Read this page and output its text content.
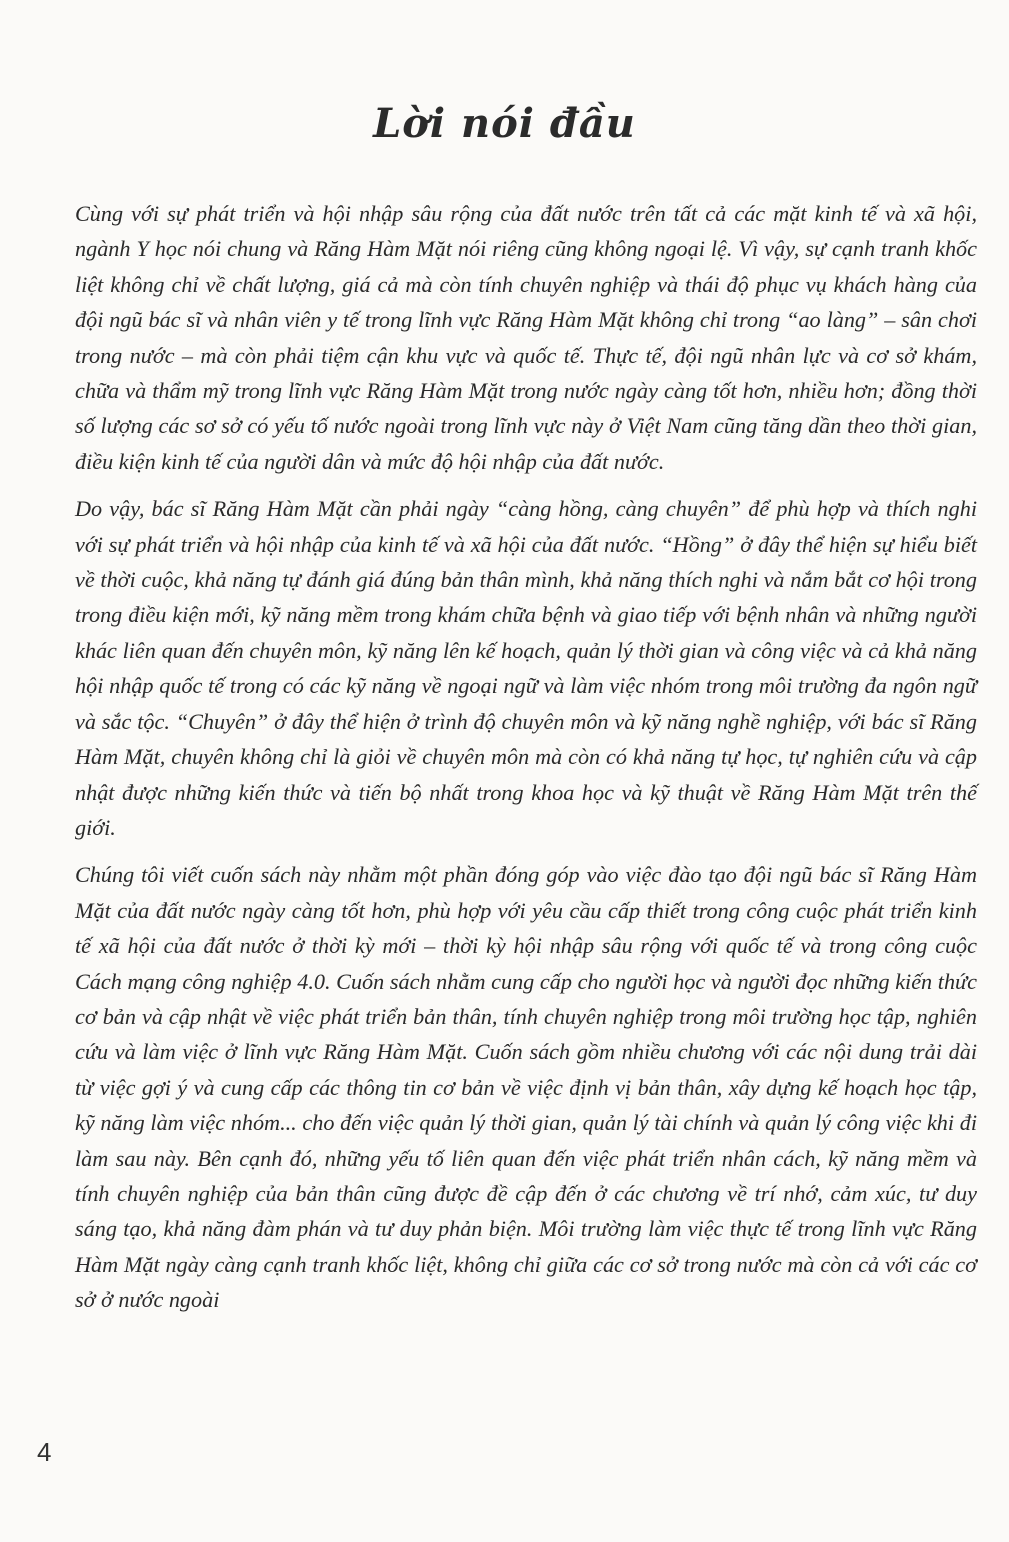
Lời nói đầu

Cùng với sự phát triển và hội nhập sâu rộng của đất nước trên tất cả các mặt kinh tế và xã hội, ngành Y học nói chung và Răng Hàm Mặt nói riêng cũng không ngoại lệ. Vì vậy, sự cạnh tranh khốc liệt không chỉ về chất lượng, giá cả mà còn tính chuyên nghiệp và thái độ phục vụ khách hàng của đội ngũ bác sĩ và nhân viên y tế trong lĩnh vực Răng Hàm Mặt không chỉ trong “ao làng” – sân chơi trong nước – mà còn phải tiệm cận khu vực và quốc tế. Thực tế, đội ngũ nhân lực và cơ sở khám, chữa và thẩm mỹ trong lĩnh vực Răng Hàm Mặt trong nước ngày càng tốt hơn, nhiều hơn; đồng thời số lượng các sơ sở có yếu tố nước ngoài trong lĩnh vực này ở Việt Nam cũng tăng dần theo thời gian, điều kiện kinh tế của người dân và mức độ hội nhập của đất nước.

Do vậy, bác sĩ Răng Hàm Mặt cần phải ngày “càng hồng, càng chuyên” để phù hợp và thích nghi với sự phát triển và hội nhập của kinh tế và xã hội của đất nước. “Hồng” ở đây thể hiện sự hiểu biết về thời cuộc, khả năng tự đánh giá đúng bản thân mình, khả năng thích nghi và nắm bắt cơ hội trong trong điều kiện mới, kỹ năng mềm trong khám chữa bệnh và giao tiếp với bệnh nhân và những người khác liên quan đến chuyên môn, kỹ năng lên kế hoạch, quản lý thời gian và công việc và cả khả năng hội nhập quốc tế trong có các kỹ năng về ngoại ngữ và làm việc nhóm trong môi trường đa ngôn ngữ và sắc tộc. “Chuyên” ở đây thể hiện ở trình độ chuyên môn và kỹ năng nghề nghiệp, với bác sĩ Răng Hàm Mặt, chuyên không chỉ là giỏi về chuyên môn mà còn có khả năng tự học, tự nghiên cứu và cập nhật được những kiến thức và tiến bộ nhất trong khoa học và kỹ thuật về Răng Hàm Mặt trên thế giới.

Chúng tôi viết cuốn sách này nhằm một phần đóng góp vào việc đào tạo đội ngũ bác sĩ Răng Hàm Mặt của đất nước ngày càng tốt hơn, phù hợp với yêu cầu cấp thiết trong công cuộc phát triển kinh tế xã hội của đất nước ở thời kỳ mới – thời kỳ hội nhập sâu rộng với quốc tế và trong công cuộc Cách mạng công nghiệp 4.0. Cuốn sách nhằm cung cấp cho người học và người đọc những kiến thức cơ bản và cập nhật về việc phát triển bản thân, tính chuyên nghiệp trong môi trường học tập, nghiên cứu và làm việc ở lĩnh vực Răng Hàm Mặt. Cuốn sách gồm nhiều chương với các nội dung trải dài từ việc gợi ý và cung cấp các thông tin cơ bản về việc định vị bản thân, xây dựng kế hoạch học tập, kỹ năng làm việc nhóm... cho đến việc quản lý thời gian, quản lý tài chính và quản lý công việc khi đi làm sau này. Bên cạnh đó, những yếu tố liên quan đến việc phát triển nhân cách, kỹ năng mềm và tính chuyên nghiệp của bản thân cũng được đề cập đến ở các chương về trí nhớ, cảm xúc, tư duy sáng tạo, khả năng đàm phán và tư duy phản biện. Môi trường làm việc thực tế trong lĩnh vực Răng Hàm Mặt ngày càng cạnh tranh khốc liệt, không chỉ giữa các cơ sở trong nước mà còn cả với các cơ sở ở nước ngoài

4
